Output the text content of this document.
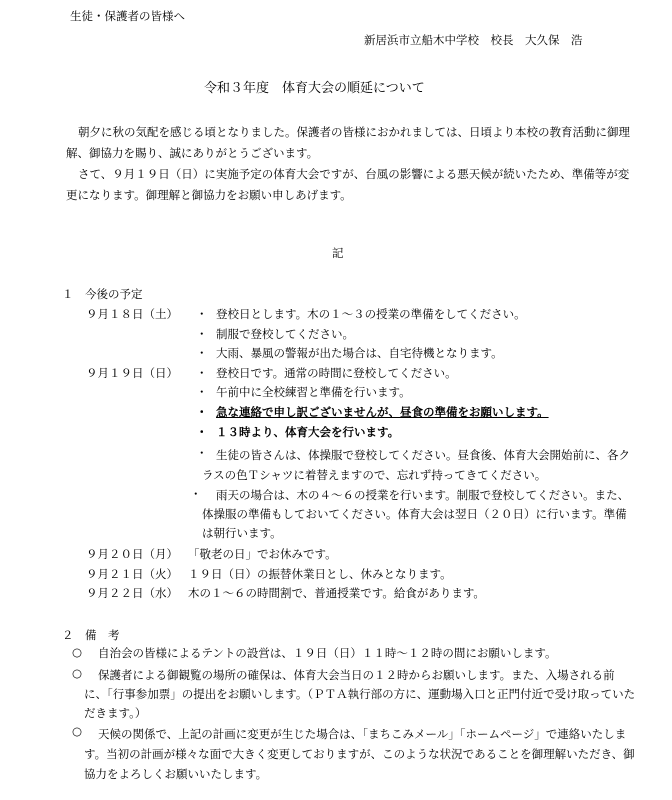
生徒・保護者の皆様へ
新居浜市立船木中学校　校長　大久保　浩
令和３年度　体育大会の順延について
朝夕に秋の気配を感じる頃となりました。保護者の皆様におかれましては、日頃より本校の教育活動に御理解、御協力を賜り、誠にありがとうございます。
さて、９月１９日（日）に実施予定の体育大会ですが、台風の影響による悪天候が続いたため、準備等が変更になります。御理解と御協力をお願い申しあげます。
記
１　今後の予定
９月１８日（土） ・ 登校日とします。木の１～３の授業の準備をしてください。
・ 制服で登校してください。
・ 大雨、暴風の警報が出た場合は、自宅待機となります。
９月１９日（日） ・ 登校日です。通常の時間に登校してください。
・ 午前中に全校練習と準備を行います。
・ 急な連絡で申し訳ございませんが、昼食の準備をお願いします。
・ １３時より、体育大会を行います。
・ 生徒の皆さんは、体操服で登校してください。昼食後、体育大会開始前に、各クラスの色Ｔシャツに着替えますので、忘れず持ってきてください。
・	雨天の場合は、木の４～６の授業を行います。制服で登校してください。また、体操服の準備もしておいてください。体育大会は翌日（２０日）に行います。準備は朝行います。
９月２０日（月） 「敬老の日」でお休みです。
９月２１日（火） １９日（日）の振替休業日とし、休みとなります。
９月２２日（水） 木の１～６の時間割で、普通授業です。給食があります。
２　備　考
○ 自治会の皆様によるテントの設営は、１９日（日）１１時～１２時の間にお願いします。
○	保護者による御観覧の場所の確保は、体育大会当日の１２時からお願いします。また、入場される前に、「行事参加票」の提出をお願いします。（ＰＴＡ執行部の方に、運動場入口と正門付近で受け取っていただきます。）
○	天候の関係で、上記の計画に変更が生じた場合は、「まちこみメール」「ホームページ」で連絡いたします。当初の計画が様々な面で大きく変更しておりますが、このような状況であることを御理解いただき、御協力をよろしくお願いいたします。
